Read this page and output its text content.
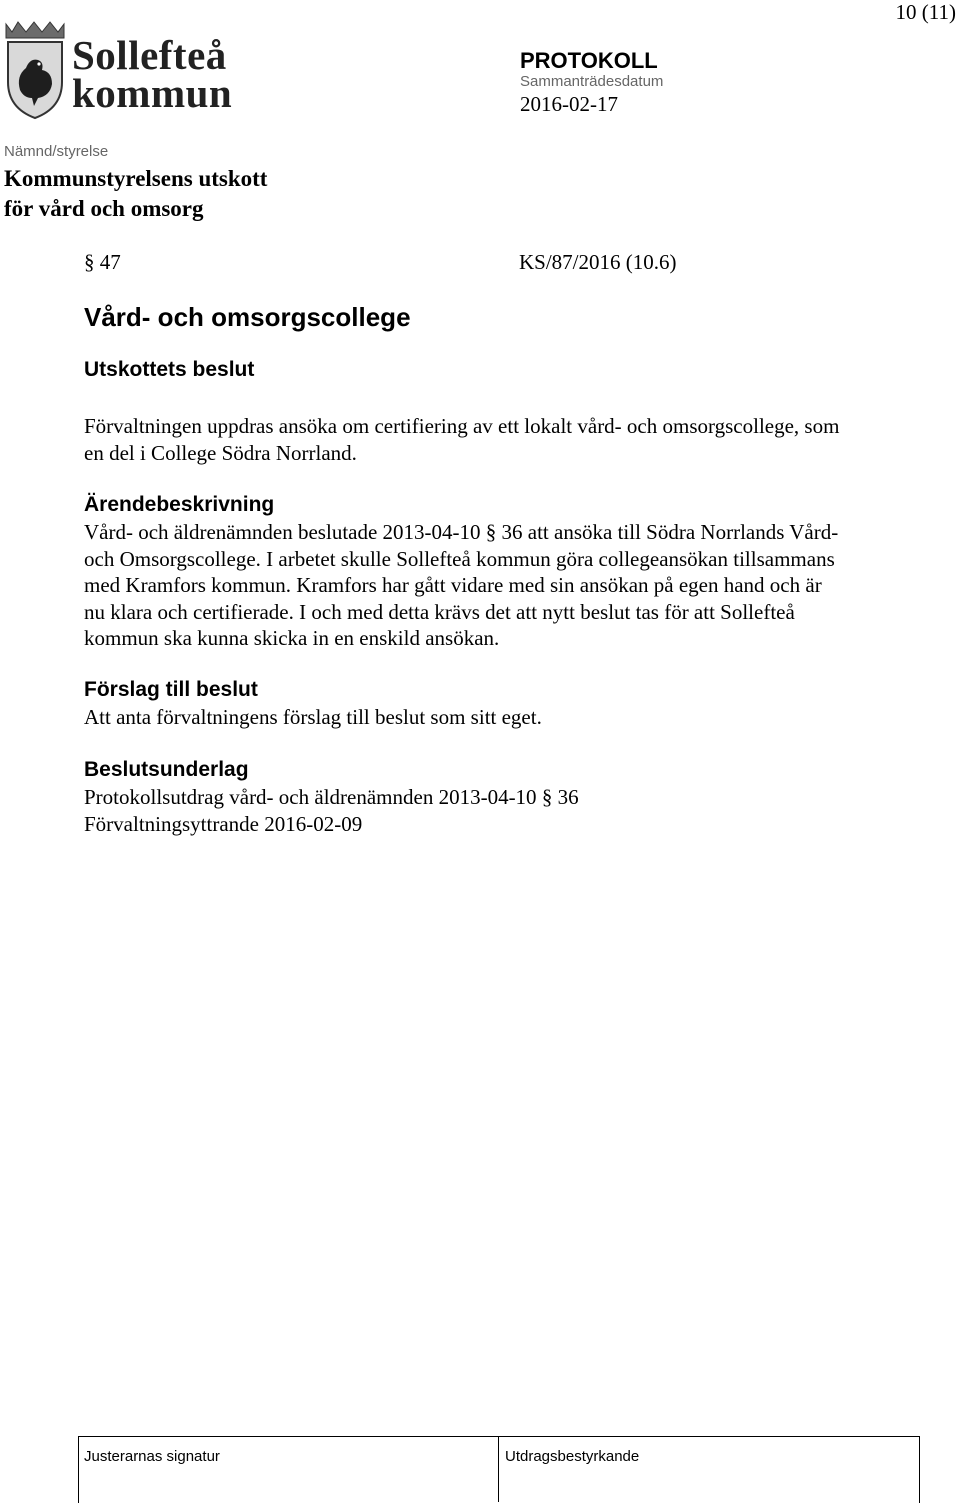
10 (11)
Sollefteå
kommun
PROTOKOLL
Sammanträdesdatum
2016-02-17
Nämnd/styrelse
Kommunstyrelsens utskott
för vård och omsorg
§ 47	KS/87/2016 (10.6)
Vård- och omsorgscollege
Utskottets beslut
Förvaltningen uppdras ansöka om certifiering av ett lokalt vård- och omsorgscollege, som
en del i College Södra Norrland.
Ärendebeskrivning
Vård- och äldrenämnden beslutade 2013-04-10 § 36 att ansöka till Södra Norrlands Vård-
och Omsorgscollege. I arbetet skulle Sollefteå kommun göra collegeansökan tillsammans
med Kramfors kommun. Kramfors har gått vidare med sin ansökan på egen hand och är
nu klara och certifierade. I och med detta krävs det att nytt beslut tas för att Sollefteå
kommun ska kunna skicka in en enskild ansökan.
Förslag till beslut
Att anta förvaltningens förslag till beslut som sitt eget.
Beslutsunderlag
Protokollsutdrag vård- och äldrenämnden 2013-04-10 § 36
Förvaltningsyttrande 2016-02-09
Justerarnas signatur	Utdragsbestyrkande
